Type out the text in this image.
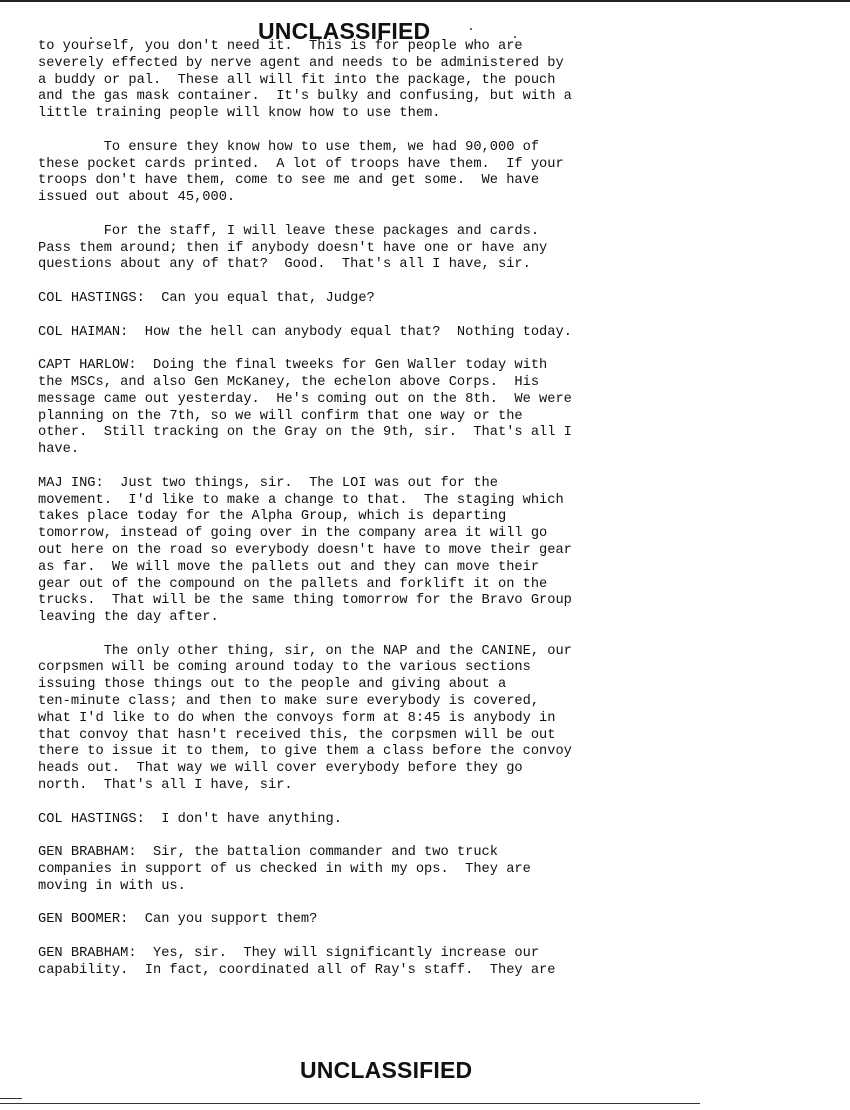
UNCLASSIFIED

to yourself, you don't need it.  This is for people who are
severely effected by nerve agent and needs to be administered by
a buddy or pal.  These all will fit into the package, the pouch
and the gas mask container.  It's bulky and confusing, but with a
little training people will know how to use them.

To ensure they know how to use them, we had 90,000 of
these pocket cards printed.  A lot of troops have them.  If your
troops don't have them, come to see me and get some.  We have
issued out about 45,000.

For the staff, I will leave these packages and cards.
Pass them around; then if anybody doesn't have one or have any
questions about any of that?  Good.  That's all I have, sir.

COL HASTINGS:  Can you equal that, Judge?

COL HAIMAN:  How the hell can anybody equal that?  Nothing today.

CAPT HARLOW:  Doing the final tweeks for Gen Waller today with
the MSCs, and also Gen McKaney, the echelon above Corps.  His
message came out yesterday.  He's coming out on the 8th.  We were
planning on the 7th, so we will confirm that one way or the
other.  Still tracking on the Gray on the 9th, sir.  That's all I
have.

MAJ ING:  Just two things, sir.  The LOI was out for the
movement.  I'd like to make a change to that.  The staging which
takes place today for the Alpha Group, which is departing
tomorrow, instead of going over in the company area it will go
out here on the road so everybody doesn't have to move their gear
as far.  We will move the pallets out and they can move their
gear out of the compound on the pallets and forklift it on the
trucks.  That will be the same thing tomorrow for the Bravo Group
leaving the day after.

The only other thing, sir, on the NAP and the CANINE, our
corpsmen will be coming around today to the various sections
issuing those things out to the people and giving about a
ten-minute class; and then to make sure everybody is covered,
what I'd like to do when the convoys form at 8:45 is anybody in
that convoy that hasn't received this, the corpsmen will be out
there to issue it to them, to give them a class before the convoy
heads out.  That way we will cover everybody before they go
north.  That's all I have, sir.

COL HASTINGS:  I don't have anything.

GEN BRABHAM:  Sir, the battalion commander and two truck
companies in support of us checked in with my ops.  They are
moving in with us.

GEN BOOMER:  Can you support them?

GEN BRABHAM:  Yes, sir.  They will significantly increase our
capability.  In fact, coordinated all of Ray's staff.  They are

UNCLASSIFIED
